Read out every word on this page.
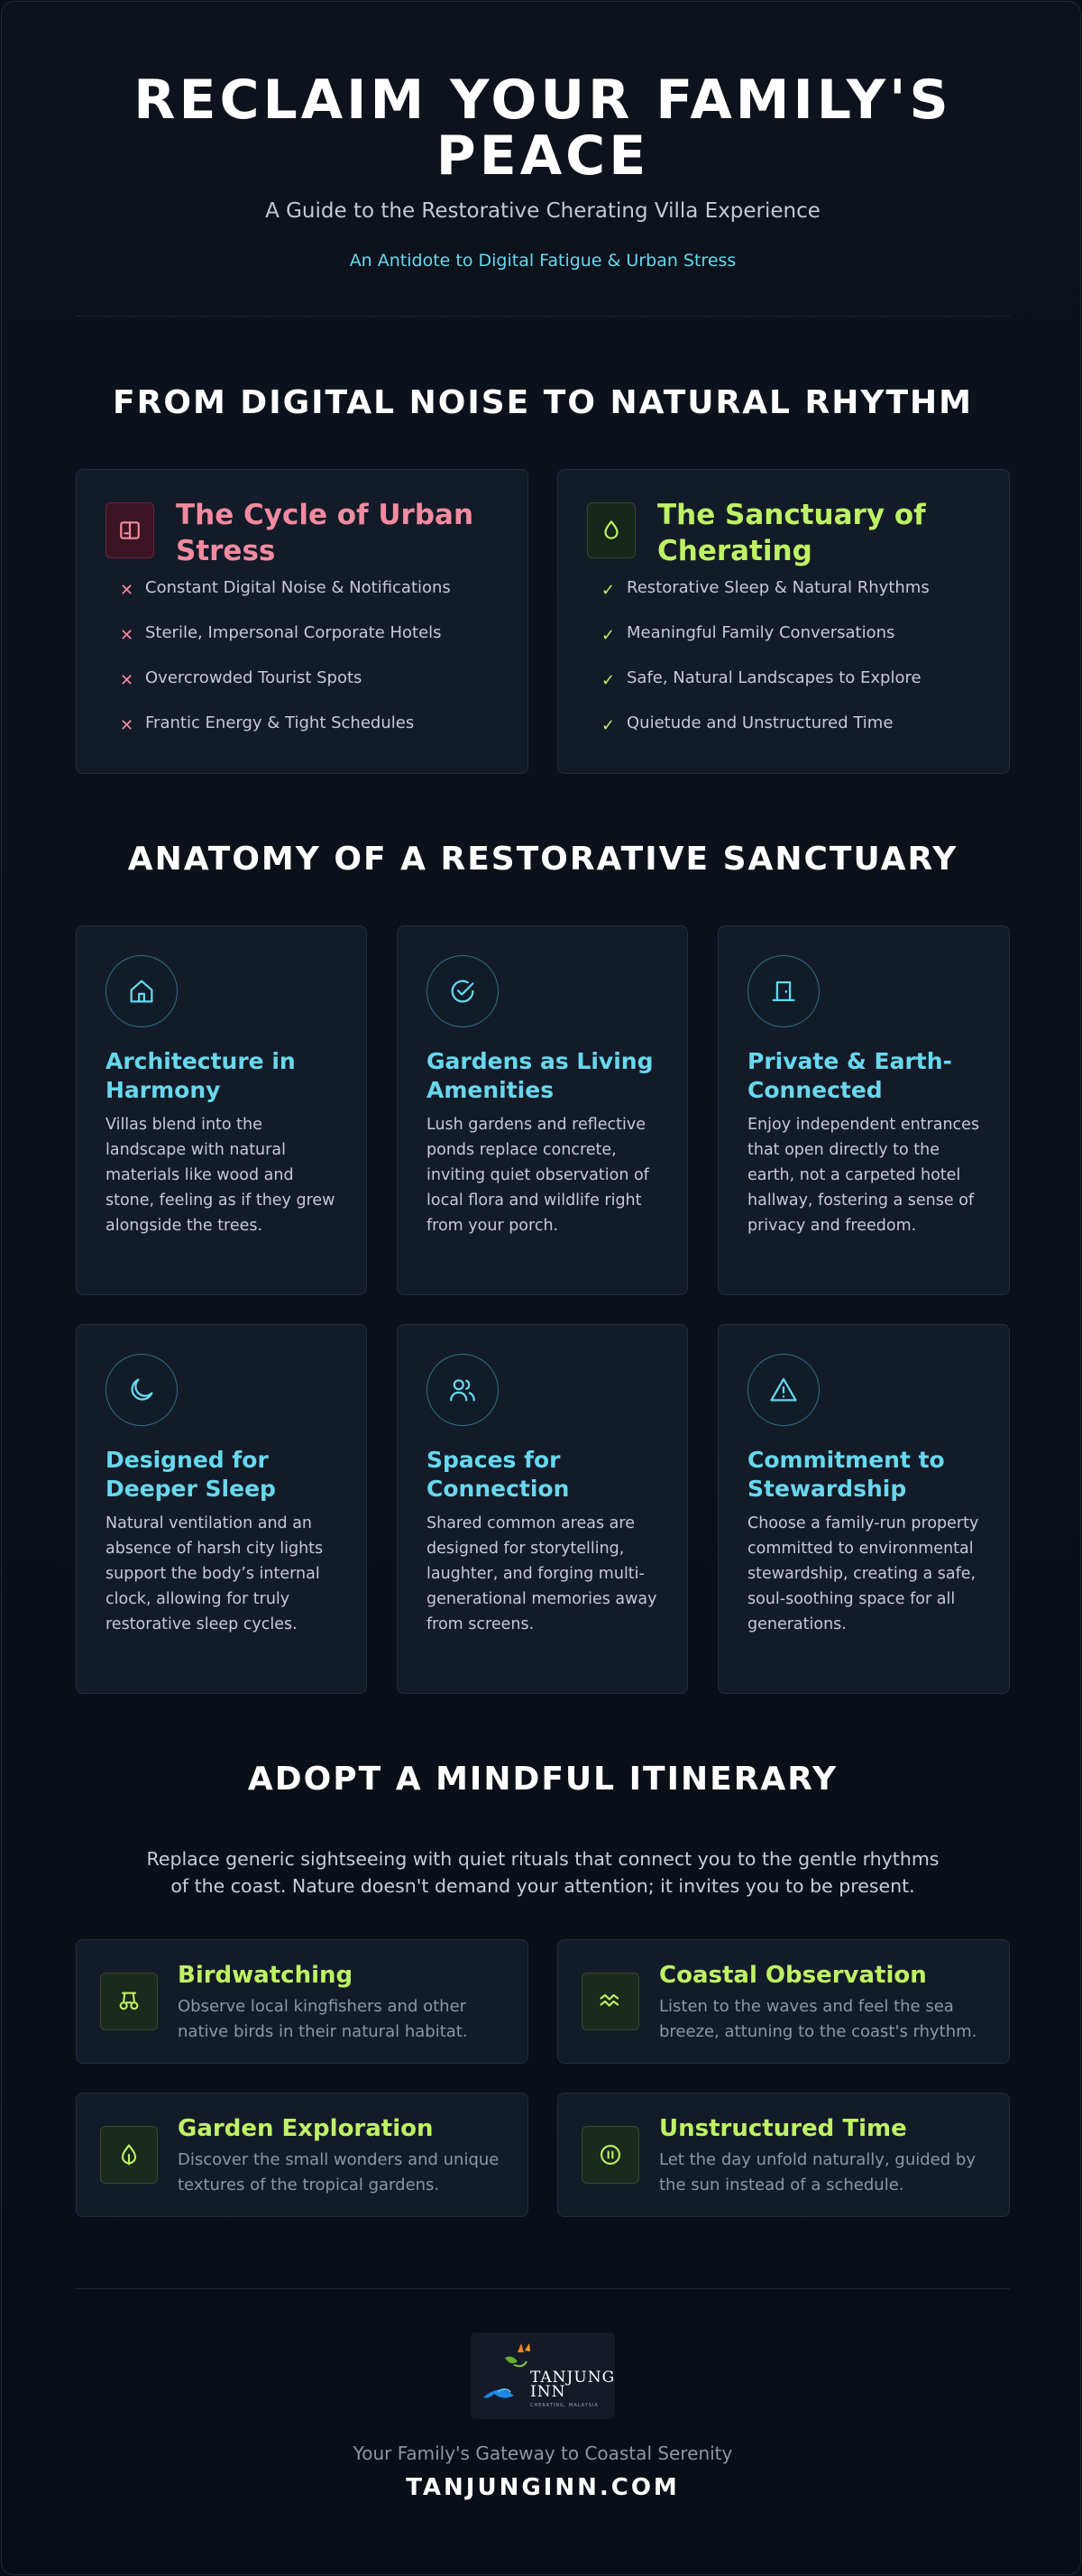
RECLAIM YOUR FAMILY'S
PEACE
A Guide to the Restorative Cherating Villa Experience
An Antidote to Digital Fatigue & Urban Stress
FROM DIGITAL NOISE TO NATURAL RHYTHM
The Cycle of Urban Stress
✕ Constant Digital Noise & Notifications
✕ Sterile, Impersonal Corporate Hotels
✕ Overcrowded Tourist Spots
✕ Frantic Energy & Tight Schedules
The Sanctuary of Cherating
✓ Restorative Sleep & Natural Rhythms
✓ Meaningful Family Conversations
✓ Safe, Natural Landscapes to Explore
✓ Quietude and Unstructured Time
ANATOMY OF A RESTORATIVE SANCTUARY
Architecture in Harmony
Villas blend into the landscape with natural materials like wood and stone, feeling as if they grew alongside the trees.
Gardens as Living Amenities
Lush gardens and reflective ponds replace concrete, inviting quiet observation of local flora and wildlife right from your porch.
Private & Earth-Connected
Enjoy independent entrances that open directly to the earth, not a carpeted hotel hallway, fostering a sense of privacy and freedom.
Designed for Deeper Sleep
Natural ventilation and an absence of harsh city lights support the body’s internal clock, allowing for truly restorative sleep cycles.
Spaces for Connection
Shared common areas are designed for storytelling, laughter, and forging multi-generational memories away from screens.
Commitment to Stewardship
Choose a family-run property committed to environmental stewardship, creating a safe, soul-soothing space for all generations.
ADOPT A MINDFUL ITINERARY
Replace generic sightseeing with quiet rituals that connect you to the gentle rhythms of the coast. Nature doesn't demand your attention; it invites you to be present.
Birdwatching
Observe local kingfishers and other native birds in their natural habitat.
Coastal Observation
Listen to the waves and feel the sea breeze, attuning to the coast's rhythm.
Garden Exploration
Discover the small wonders and unique textures of the tropical gardens.
Unstructured Time
Let the day unfold naturally, guided by the sun instead of a schedule.
TANJUNG INN
CHERATING, MALAYSIA
Your Family's Gateway to Coastal Serenity
TANJUNGINN.COM
